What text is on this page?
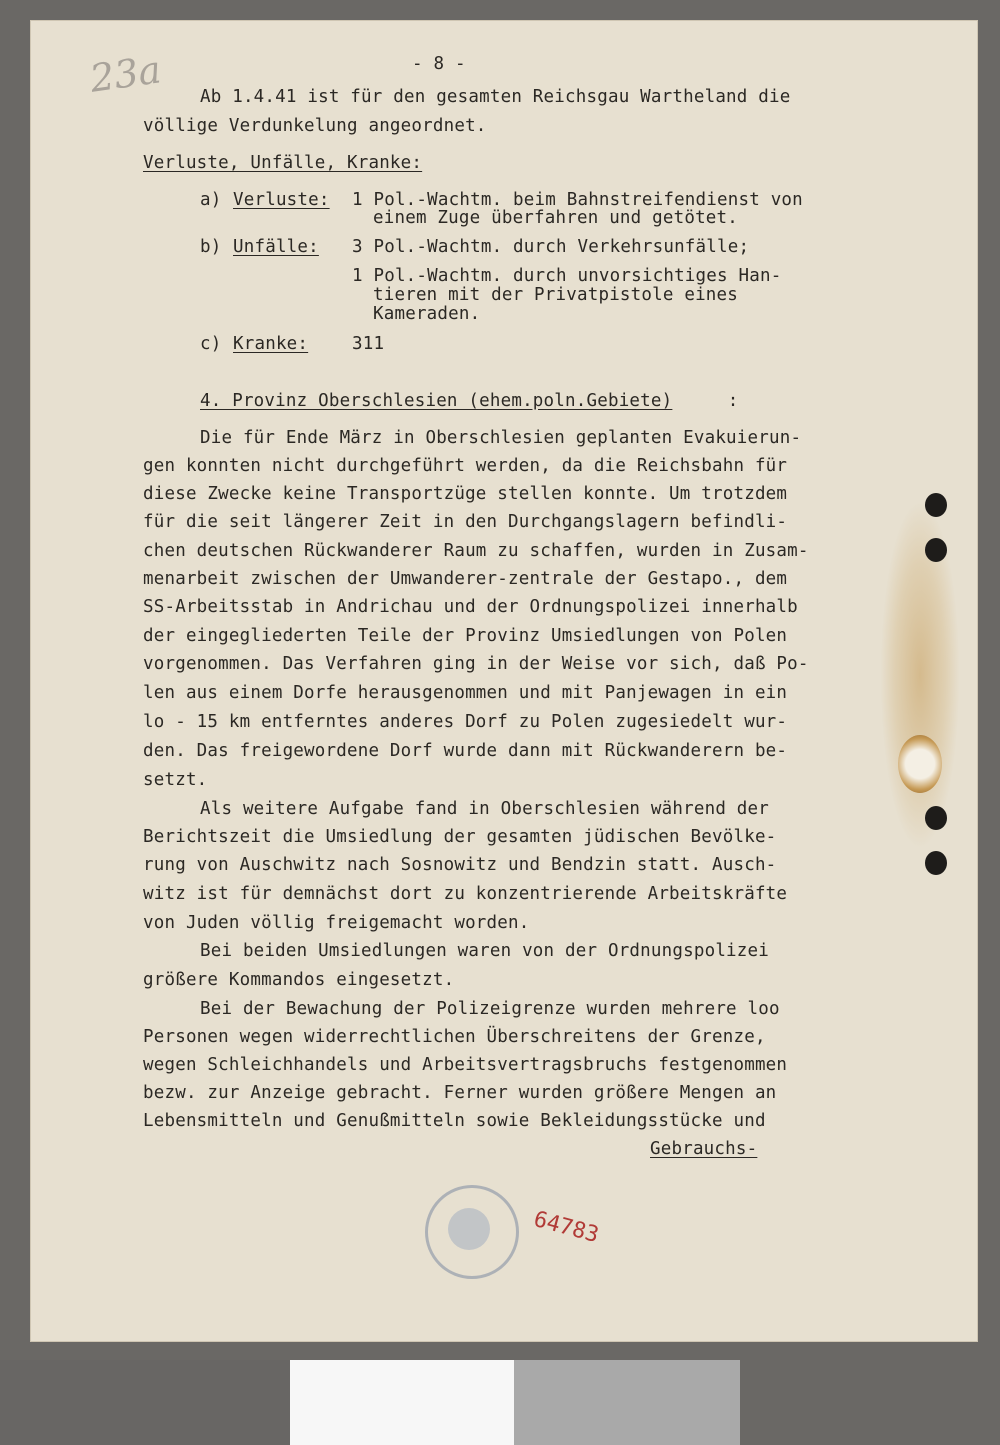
23a	- 8 -
Ab 1.4.41 ist für den gesamten Reichsgau Wartheland die
völlige Verdunkelung angeordnet.
Verluste, Unfälle, Kranke:
a) Verluste: 1 Pol.-Wachtm. beim Bahnstreifendienst von
einem Zuge überfahren und getötet.
b) Unfälle: 3 Pol.-Wachtm. durch Verkehrsunfälle;
1 Pol.-Wachtm. durch unvorsichtiges Han-
tieren mit der Privatpistole eines
Kameraden.
c) Kranke:	311
4. Provinz Oberschlesien (ehem.poln.Gebiete)	:
Die für Ende März in Oberschlesien geplanten Evakuierun-
gen konnten nicht durchgeführt werden, da die Reichsbahn für
diese Zwecke keine Transportzüge stellen konnte. Um trotzdem
für die seit längerer Zeit in den Durchgangslagern befindli-
chen deutschen Rückwanderer Raum zu schaffen, wurden in Zusam-
menarbeit zwischen der Umwanderer-zentrale der Gestapo., dem
SS-Arbeitsstab in Andrichau und der Ordnungspolizei innerhalb
der eingegliederten Teile der Provinz Umsiedlungen von Polen
vorgenommen. Das Verfahren ging in der Weise vor sich, daß Po-
len aus einem Dorfe herausgenommen und mit Panjewagen in ein
lo - 15 km entferntes anderes Dorf zu Polen zugesiedelt wur-
den. Das freigewordene Dorf wurde dann mit Rückwanderern be-
setzt.
Als weitere Aufgabe fand in Oberschlesien während der
Berichtszeit die Umsiedlung der gesamten jüdischen Bevölke-
rung von Auschwitz nach Sosnowitz und Bendzin statt. Ausch-
witz ist für demnächst dort zu konzentrierende Arbeitskräfte
von Juden völlig freigemacht worden.
Bei beiden Umsiedlungen waren von der Ordnungspolizei
größere Kommandos eingesetzt.
Bei der Bewachung der Polizeigrenze wurden mehrere loo
Personen wegen widerrechtlichen Überschreitens der Grenze,
wegen Schleichhandels und Arbeitsvertragsbruchs festgenommen
bezw. zur Anzeige gebracht. Ferner wurden größere Mengen an
Lebensmitteln und Genußmitteln sowie Bekleidungsstücke und
Gebrauchs-
64783
